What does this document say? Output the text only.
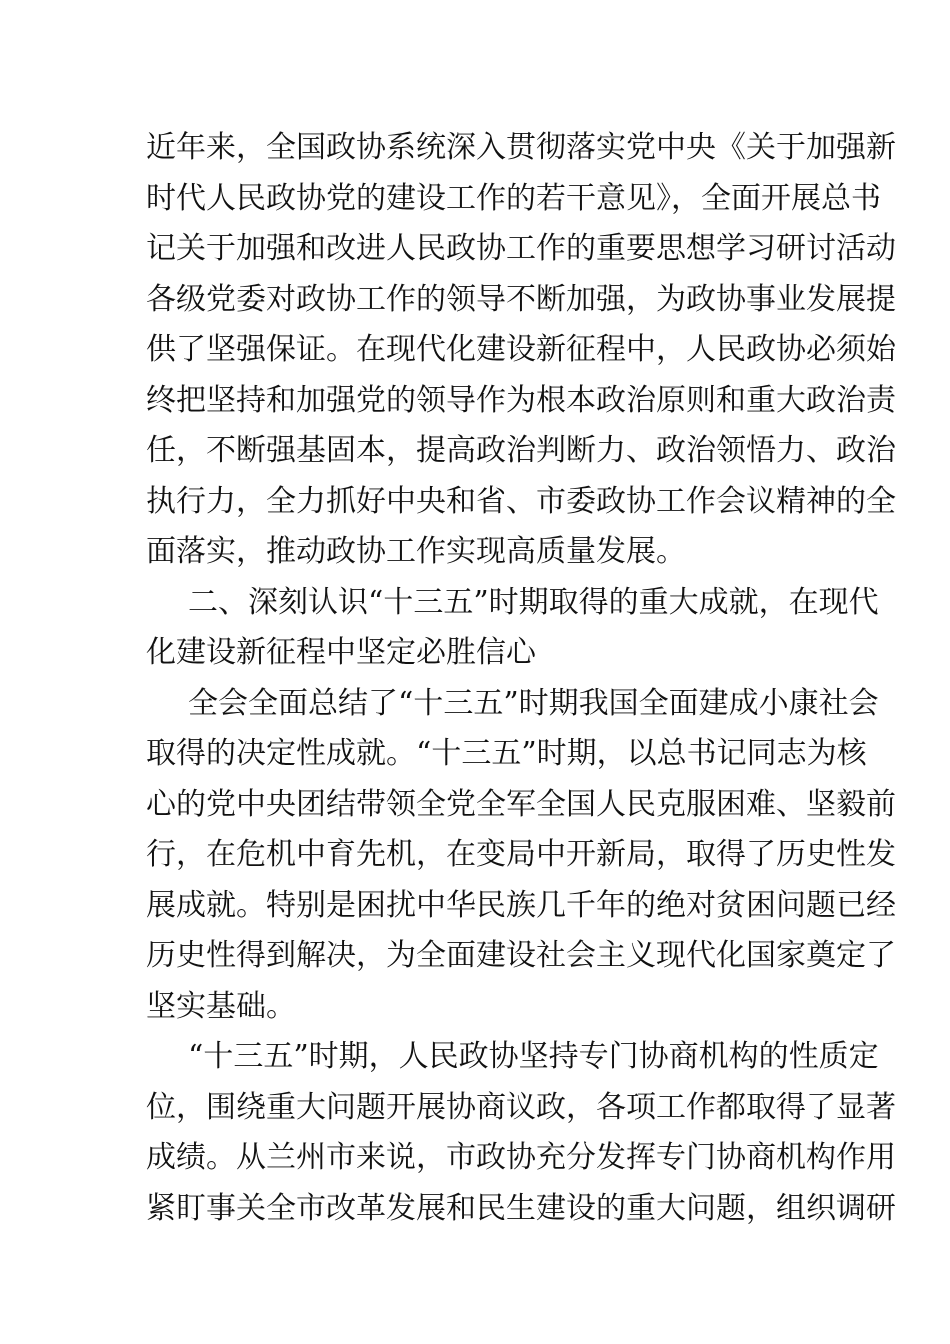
近年来，全国政协系统深入贯彻落实党中央《关于加强新
时代人民政协党的建设工作的若干意见》，全面开展总书
记关于加强和改进人民政协工作的重要思想学习研讨活动
各级党委对政协工作的领导不断加强，为政协事业发展提
供了坚强保证。在现代化建设新征程中，人民政协必须始
终把坚持和加强党的领导作为根本政治原则和重大政治责
任，不断强基固本，提高政治判断力、政治领悟力、政治
执行力，全力抓好中央和省、市委政协工作会议精神的全
面落实，推动政协工作实现高质量发展。
二、深刻认识“十三五”时期取得的重大成就，在现代
化建设新征程中坚定必胜信心
全会全面总结了“十三五”时期我国全面建成小康社会
取得的决定性成就。“十三五”时期，以总书记同志为核
心的党中央团结带领全党全军全国人民克服困难、坚毅前
行，在危机中育先机，在变局中开新局，取得了历史性发
展成就。特别是困扰中华民族几千年的绝对贫困问题已经
历史性得到解决，为全面建设社会主义现代化国家奠定了
坚实基础。
“十三五”时期，人民政协坚持专门协商机构的性质定
位，围绕重大问题开展协商议政，各项工作都取得了显著
成绩。从兰州市来说，市政协充分发挥专门协商机构作用
紧盯事关全市改革发展和民生建设的重大问题，组织调研
